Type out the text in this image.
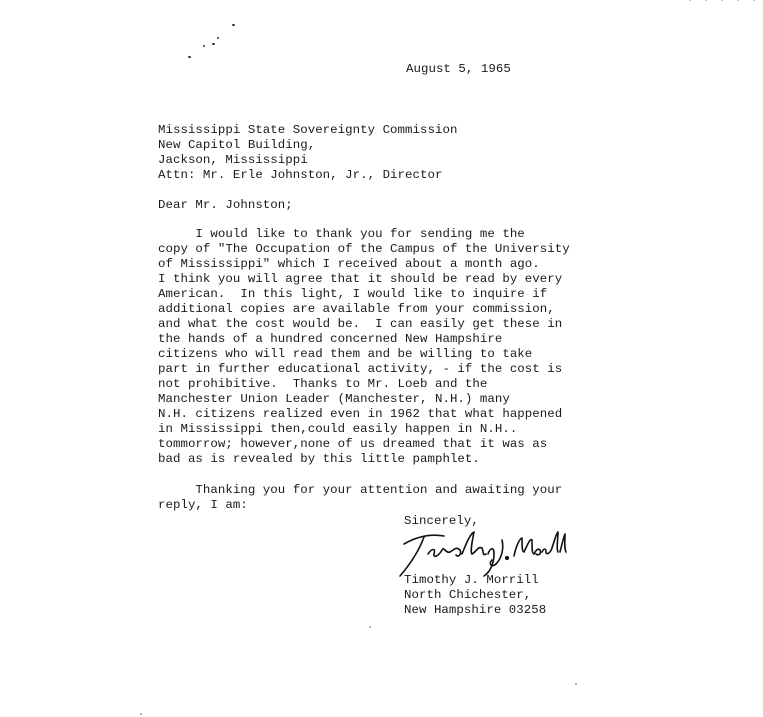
· · · · ·
August 5, 1965
Mississippi State Sovereignty Commission
New Capitol Building,
Jackson, Mississippi
Attn: Mr. Erle Johnston, Jr., Director
Dear Mr. Johnston;
I would like to thank you for sending me the
copy of "The Occupation of the Campus of the University
of Mississippi" which I received about a month ago.
I think you will agree that it should be read by every
American.  In this light, I would like to inquire if
additional copies are available from your commission,
and what the cost would be.  I can easily get these in
the hands of a hundred concerned New Hampshire
citizens who will read them and be willing to take
part in further educational activity, - if the cost is
not prohibitive.  Thanks to Mr. Loeb and the
Manchester Union Leader (Manchester, N.H.) many
N.H. citizens realized even in 1962 that what happened
in Mississippi then,could easily happen in N.H..
tommorrow; however,none of us dreamed that it was as
bad as is revealed by this little pamphlet.
Thanking you for your attention and awaiting your
reply, I am:
Sincerely,
Timothy J. Morrill
North Chichester,
New Hampshire 03258
